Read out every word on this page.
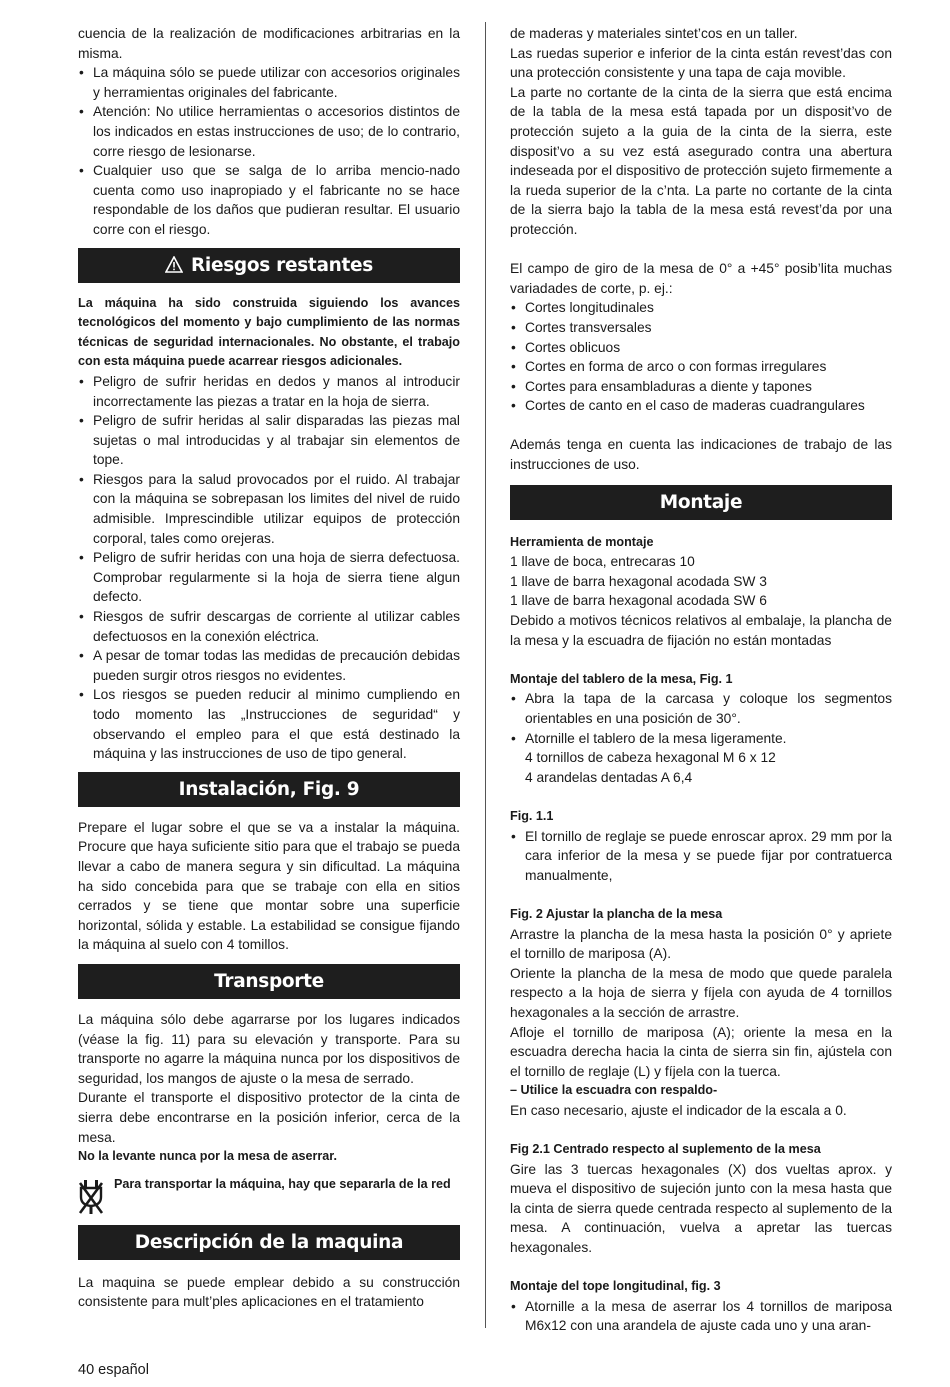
cuencia de la realización de modificaciones arbitrarias en la misma.
• La máquina sólo se puede utilizar con accesorios originales y herramientas originales del fabricante.
• Atención: No utilice herramientas o accesorios distintos de los indicados en estas instrucciones de uso; de lo contrario, corre riesgo de lesionarse.
• Cualquier uso que se salga de lo arriba mencio-nado cuenta como uso inapropiado y el fabricante no se hace respondable de los daños que pudieran resultar. El usuario corre con el riesgo.
Riesgos restantes
La máquina ha sido construida siguiendo los avances tecnológicos del momento y bajo cumplimiento de las normas técnicas de seguridad internacionales. No obstante, el trabajo con esta máquina puede acarrear riesgos adicionales.
• Peligro de sufrir heridas en dedos y manos al introducir incorrectamente las piezas a tratar en la hoja de sierra.
• Peligro de sufrir heridas al salir disparadas las piezas mal sujetas o mal introducidas y al trabajar sin elementos de tope.
• Riesgos para la salud provocados por el ruido. Al trabajar con la máquina se sobrepasan los limites del nivel de ruido admisible. Imprescindible utilizar equipos de protección corporal, tales como orejeras.
• Peligro de sufrir heridas con una hoja de sierra defectuosa. Comprobar regularmente si la hoja de sierra tiene algun defecto.
• Riesgos de sufrir descargas de corriente al utilizar cables defectuosos en la conexión eléctrica.
• A pesar de tomar todas las medidas de precaución debidas pueden surgir otros riesgos no evidentes.
• Los riesgos se pueden reducir al minimo cumpliendo en todo momento las „Instrucciones de seguridad“ y observando el empleo para el que está destinado la máquina y las instrucciones de uso de tipo general.
Instalación, Fig. 9
Prepare el lugar sobre el que se va a instalar la máquina. Procure que haya suficiente sitio para que el trabajo se pueda llevar a cabo de manera segura y sin dificultad. La máquina ha sido concebida para que se trabaje con ella en sitios cerrados y se tiene que montar sobre una superficie horizontal, sólida y estable. La estabilidad se consigue fijando la máquina al suelo con 4 tomillos.
Transporte
La máquina sólo debe agarrarse por los lugares indicados (véase la fig. 11) para su elevación y transporte. Para su transporte no agarre la máquina nunca por los dispositivos de seguridad, los mangos de ajuste o la mesa de serrado.
Durante el transporte el dispositivo protector de la cinta de sierra debe encontrarse en la posición inferior, cerca de la mesa.
No la levante nunca por la mesa de aserrar.
Para transportar la máquina, hay que separarla de la red
Descripción de la maquina
La maquina se puede emplear debido a su construcción consistente para mult’ples aplicaciones en el tratamiento
de maderas y materiales sintet’cos en un taller.
Las ruedas superior e inferior de la cinta están revest’das con una protección consistente y una tapa de caja movible.
La parte no cortante de la cinta de la sierra que está encima de la tabla de la mesa está tapada por un disposit’vo de protección sujeto a la guia de la cinta de la sierra, este disposit’vo a su vez está asegurado contra una abertura indeseada por el dispositivo de protección sujeto firmemente a la rueda superior de la c’nta. La parte no cortante de la cinta de la sierra bajo la tabla de la mesa está revest’da por una protección.
El campo de giro de la mesa de 0° a +45° posib’lita muchas variadades de corte, p. ej.:
• Cortes longitudinales
• Cortes transversales
• Cortes oblicuos
• Cortes en forma de arco o con formas irregulares
• Cortes para ensambladuras a diente y tapones
• Cortes de canto en el caso de maderas cuadrangulares
Además tenga en cuenta las indicaciones de trabajo de las instrucciones de uso.
Montaje
Herramienta de montaje
1 llave de boca, entrecaras 10
1 llave de barra hexagonal acodada SW 3
1 llave de barra hexagonal acodada SW 6
Debido a motivos técnicos relativos al embalaje, la plancha de la mesa y la escuadra de fijación no están montadas
Montaje del tablero de la mesa, Fig. 1
• Abra la tapa de la carcasa y coloque los segmentos orientables en una posición de 30°.
• Atornille el tablero de la mesa ligeramente.
4 tornillos de cabeza hexagonal M 6 x 12
4 arandelas dentadas A 6,4
Fig. 1.1
• El tornillo de reglaje se puede enroscar aprox. 29 mm por la cara inferior de la mesa y se puede fijar por contratuerca manualmente,
Fig. 2 Ajustar la plancha de la mesa
Arrastre la plancha de la mesa hasta la posición 0° y apriete el tornillo de mariposa (A).
Oriente la plancha de la mesa de modo que quede paralela respecto a la hoja de sierra y fíjela con ayuda de 4 tornillos hexagonales a la sección de arrastre.
Afloje el tornillo de mariposa (A); oriente la mesa en la escuadra derecha hacia la cinta de sierra sin fin, ajústela con el tornillo de reglaje (L) y fíjela con la tuerca.
– Utilice la escuadra con respaldo-
En caso necesario, ajuste el indicador de la escala a 0.
Fig 2.1 Centrado respecto al suplemento de la mesa
Gire las 3 tuercas hexagonales (X) dos vueltas aprox. y mueva el dispositivo de sujeción junto con la mesa hasta que la cinta de sierra quede centrada respecto al suplemento de la mesa. A continuación, vuelva a apretar las tuercas hexagonales.
Montaje del tope longitudinal, fig. 3
• Atornille a la mesa de aserrar los 4 tornillos de mariposa M6x12 con una arandela de ajuste cada uno y una aran-
40 español
